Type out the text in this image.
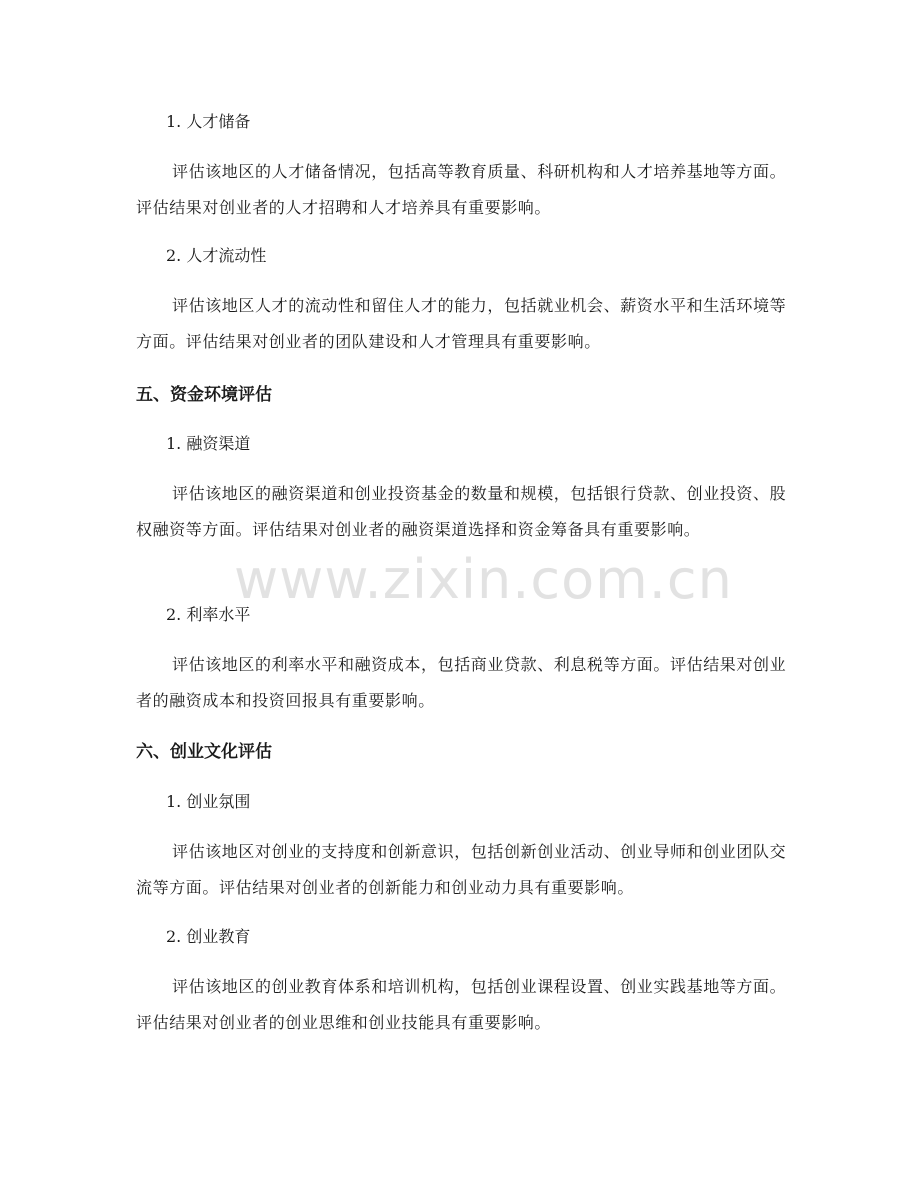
1. 人才储备
评估该地区的人才储备情况，包括高等教育质量、科研机构和人才培养基地等方面。评估结果对创业者的人才招聘和人才培养具有重要影响。
2. 人才流动性
评估该地区人才的流动性和留住人才的能力，包括就业机会、薪资水平和生活环境等方面。评估结果对创业者的团队建设和人才管理具有重要影响。
五、资金环境评估
1. 融资渠道
评估该地区的融资渠道和创业投资基金的数量和规模，包括银行贷款、创业投资、股权融资等方面。评估结果对创业者的融资渠道选择和资金筹备具有重要影响。
2. 利率水平
评估该地区的利率水平和融资成本，包括商业贷款、利息税等方面。评估结果对创业者的融资成本和投资回报具有重要影响。
六、创业文化评估
1. 创业氛围
评估该地区对创业的支持度和创新意识，包括创新创业活动、创业导师和创业团队交流等方面。评估结果对创业者的创新能力和创业动力具有重要影响。
2. 创业教育
评估该地区的创业教育体系和培训机构，包括创业课程设置、创业实践基地等方面。评估结果对创业者的创业思维和创业技能具有重要影响。
www.zixin.com.cn
